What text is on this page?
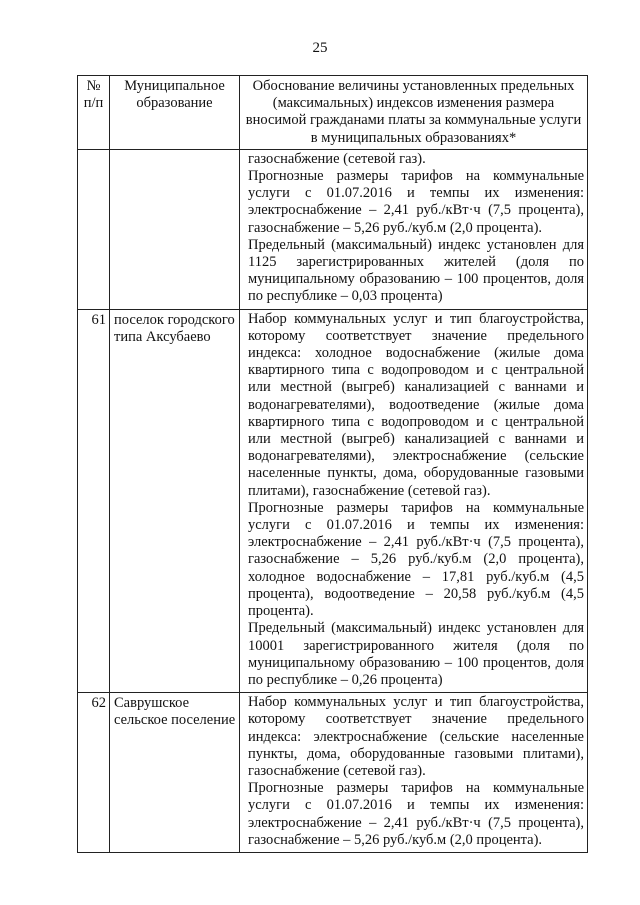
25
№ п/п	Муниципальное образование	Обоснование величины установленных предельных (максимальных) индексов изменения размера вносимой гражданами платы за коммунальные услуги в муниципальных образованиях*

		газоснабжение (сетевой газ).

Прогнозные размеры тарифов на коммунальные услуги с 01.07.2016 и темпы их изменения: электроснабжение – 2,41 руб./кВт·ч (7,5 процента), газоснабжение – 5,26 руб./куб.м (2,0 процента).

Предельный (максимальный) индекс установлен для 1125 зарегистрированных жителей (доля по муниципальному образованию – 100 процентов, доля по республике – 0,03 процента)

61	поселок городского типа Аксубаево	Набор коммунальных услуг и тип благоустройства, которому соответствует значение предельного индекса: холодное водоснабжение (жилые дома квартирного типа с водопроводом и с центральной или местной (выгреб) канализацией с ваннами и водонагревателями), водоотведение (жилые дома квартирного типа с водопроводом и с центральной или местной (выгреб) канализацией с ваннами и водонагревателями), электроснабжение (сельские населенные пункты, дома, оборудованные газовыми плитами), газоснабжение (сетевой газ).

Прогнозные размеры тарифов на коммунальные услуги с 01.07.2016 и темпы их изменения: электроснабжение – 2,41 руб./кВт·ч (7,5 процента), газоснабжение – 5,26 руб./куб.м (2,0 процента), холодное водоснабжение – 17,81 руб./куб.м (4,5 процента), водоотведение – 20,58 руб./куб.м (4,5 процента).

Предельный (максимальный) индекс установлен для 10001 зарегистрированного жителя (доля по муниципальному образованию – 100 процентов, доля по республике – 0,26 процента)

62	Саврушское сельское поселение	Набор коммунальных услуг и тип благоустройства, которому соответствует значение предельного индекса: электроснабжение (сельские населенные пункты, дома, оборудованные газовыми плитами), газоснабжение (сетевой газ).

Прогнозные размеры тарифов на коммунальные услуги с 01.07.2016 и темпы их изменения: электроснабжение – 2,41 руб./кВт·ч (7,5 процента), газоснабжение – 5,26 руб./куб.м (2,0 процента).
